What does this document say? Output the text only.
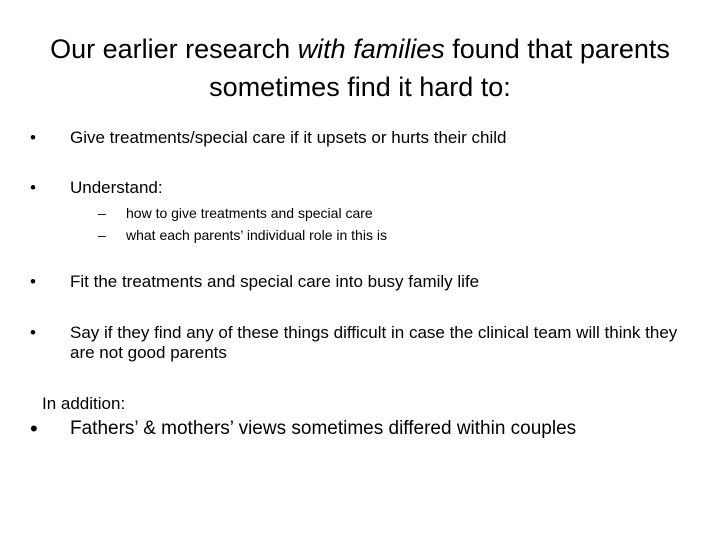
Our earlier research with families found that parents sometimes find it hard to:
•	Give treatments/special care if it upsets or hurts their child
•	Understand:
–	how to give treatments and special care
–	what each parents’ individual role in this is
•	Fit the treatments and special care into busy family life
•	Say if they find any of these things difficult in case the clinical team will think they are not good parents
In addition:
•	Fathers’ & mothers’ views sometimes differed within couples
